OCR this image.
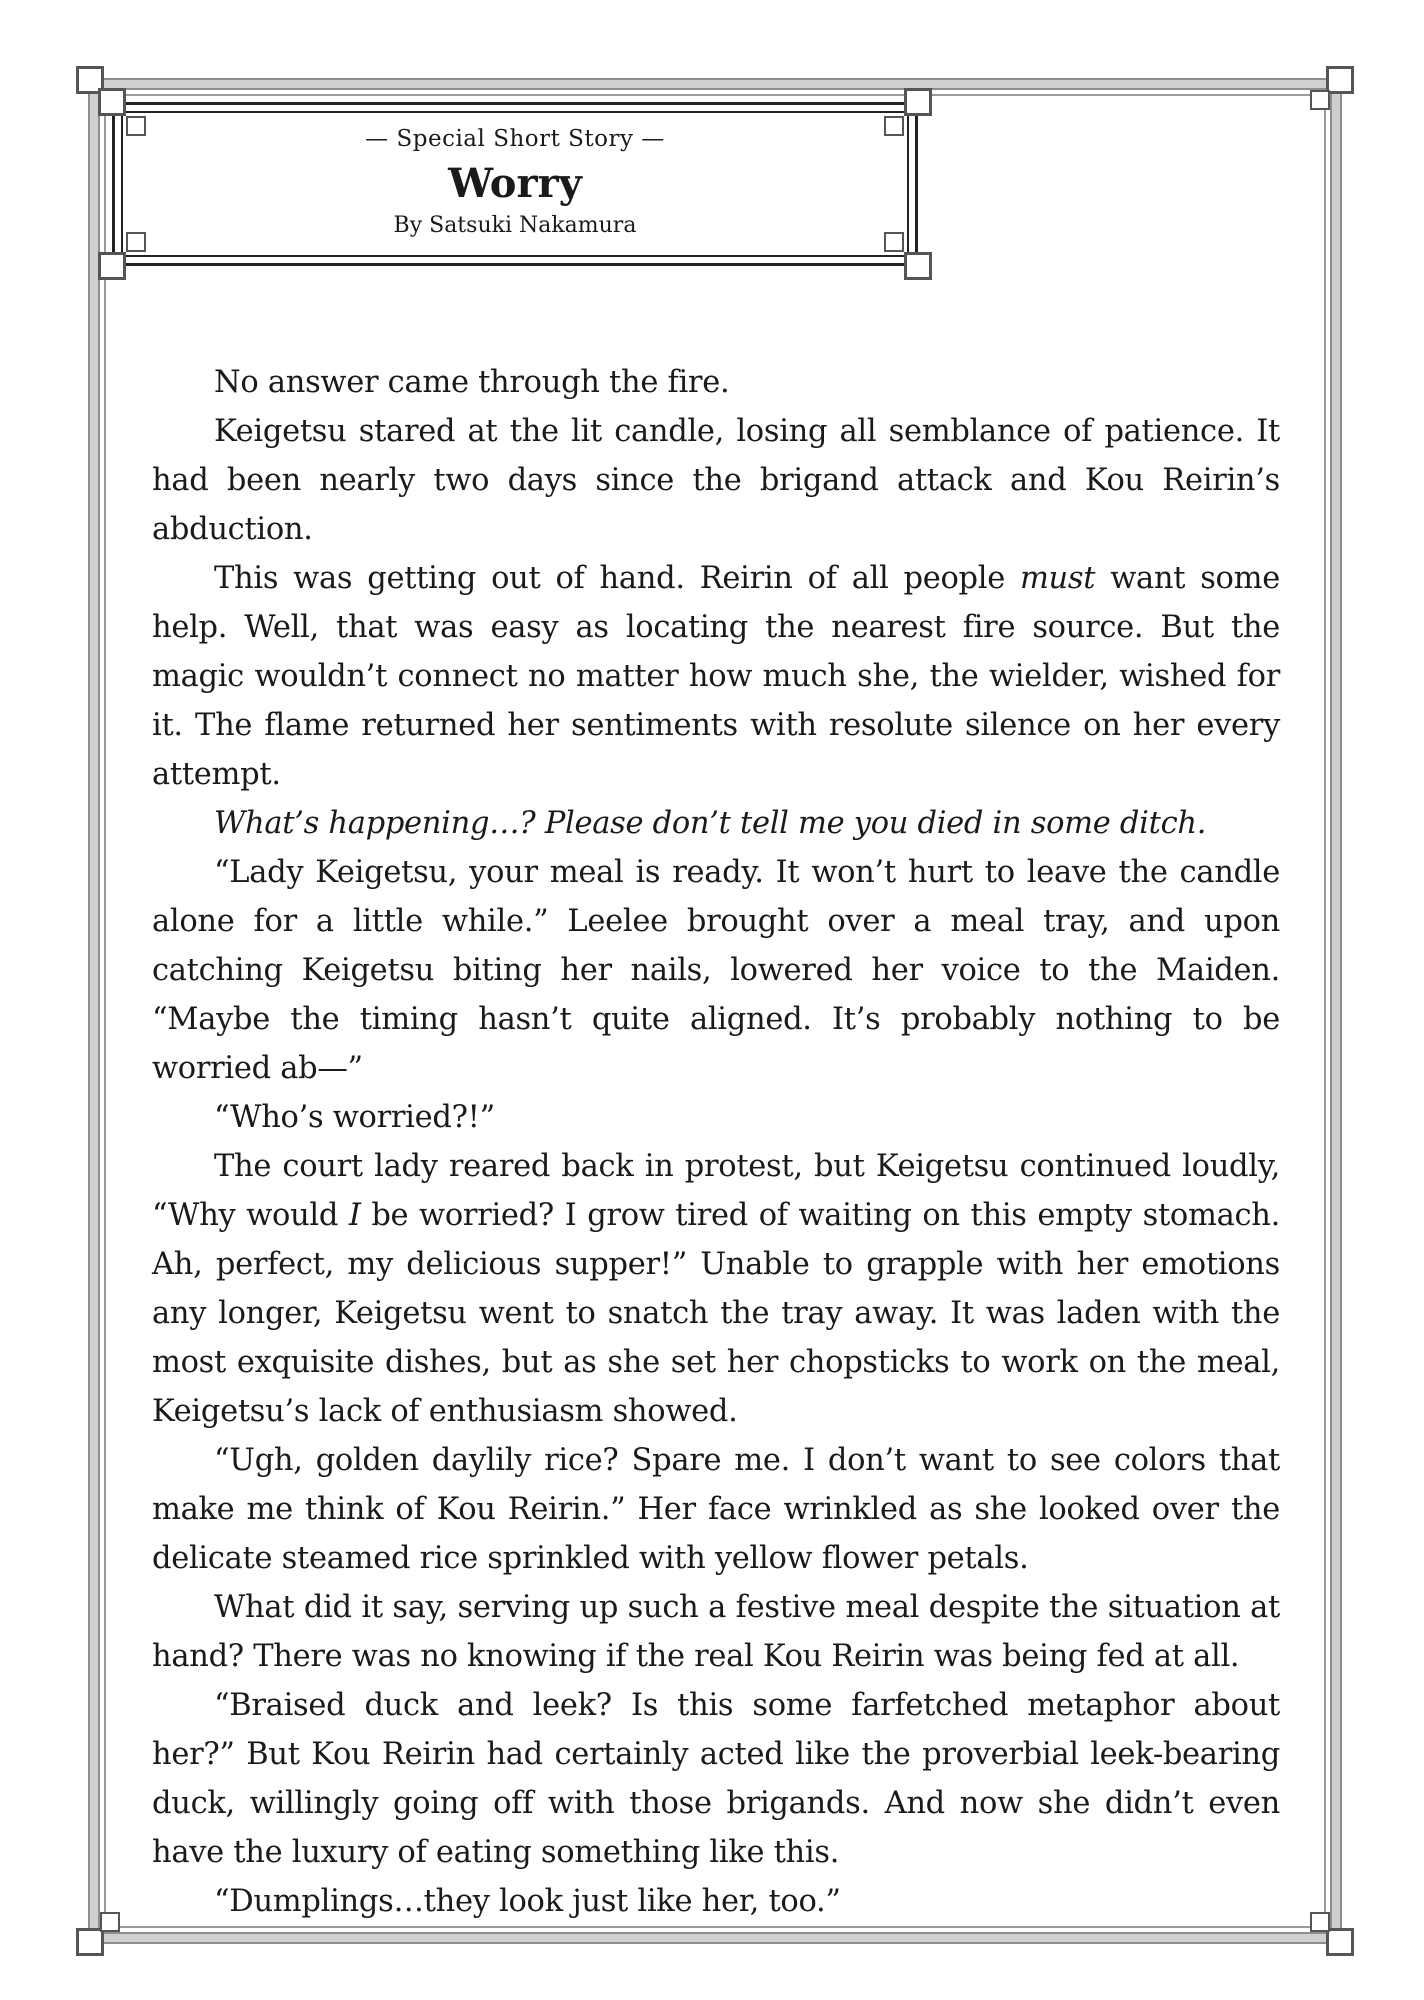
— Special Short Story —

Worry

By Satsuki Nakamura

No answer came through the fire.

Keigetsu stared at the lit candle, losing all semblance of patience. It had been nearly two days since the brigand attack and Kou Reirin’s abduction.

This was getting out of hand. Reirin of all people must want some help. Well, that was easy as locating the nearest fire source. But the magic wouldn’t connect no matter how much she, the wielder, wished for it. The flame returned her sentiments with resolute silence on her every attempt.

What’s happening…? Please don’t tell me you died in some ditch.

“Lady Keigetsu, your meal is ready. It won’t hurt to leave the candle alone for a little while.” Leelee brought over a meal tray, and upon catching Keigetsu biting her nails, lowered her voice to the Maiden. “Maybe the timing hasn’t quite aligned. It’s probably nothing to be worried ab—”

“Who’s worried?!”

The court lady reared back in protest, but Keigetsu continued loudly, “Why would I be worried? I grow tired of waiting on this empty stomach. Ah, perfect, my delicious supper!” Unable to grapple with her emotions any longer, Keigetsu went to snatch the tray away. It was laden with the most exquisite dishes, but as she set her chopsticks to work on the meal, Keigetsu’s lack of enthusiasm showed.

“Ugh, golden daylily rice? Spare me. I don’t want to see colors that make me think of Kou Reirin.” Her face wrinkled as she looked over the delicate steamed rice sprinkled with yellow flower petals.

What did it say, serving up such a festive meal despite the situation at hand? There was no knowing if the real Kou Reirin was being fed at all.

“Braised duck and leek? Is this some farfetched metaphor about her?” But Kou Reirin had certainly acted like the proverbial leek-bearing duck, willingly going off with those brigands. And now she didn’t even have the luxury of eating something like this.

“Dumplings…they look just like her, too.”
